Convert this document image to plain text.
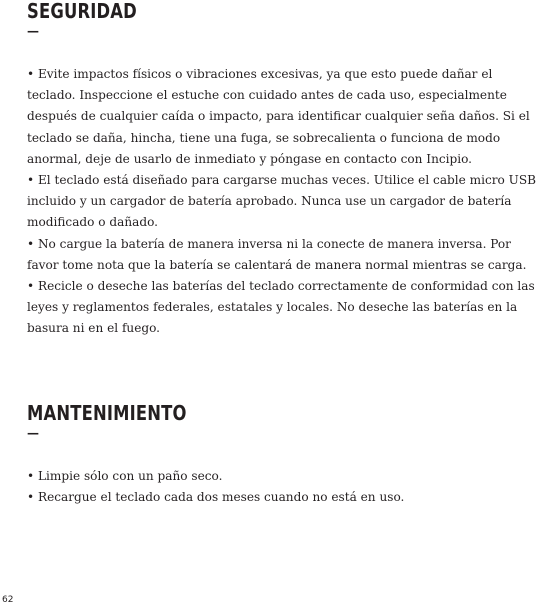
SEGURIDAD
—

• Evite impactos físicos o vibraciones excesivas, ya que esto puede dañar el teclado. Inspeccione el estuche con cuidado antes de cada uso, especialmente después de cualquier caída o impacto, para identificar cualquier seña daños. Si el teclado se daña, hincha, tiene una fuga, se sobrecalienta o funciona de modo anormal, deje de usarlo de inmediato y póngase en contacto con Incipio.

• El teclado está diseñado para cargarse muchas veces. Utilice el cable micro USB incluido y un cargador de batería aprobado. Nunca use un cargador de batería modificado o dañado.

• No cargue la batería de manera inversa ni la conecte de manera inversa. Por favor tome nota que la batería se calentará de manera normal mientras se carga.

• Recicle o deseche las baterías del teclado correctamente de conformidad con las leyes y reglamentos federales, estatales y locales. No deseche las baterías en la basura ni en el fuego.

MANTENIMIENTO
—

• Limpie sólo con un paño seco.

• Recargue el teclado cada dos meses cuando no está en uso.

62
